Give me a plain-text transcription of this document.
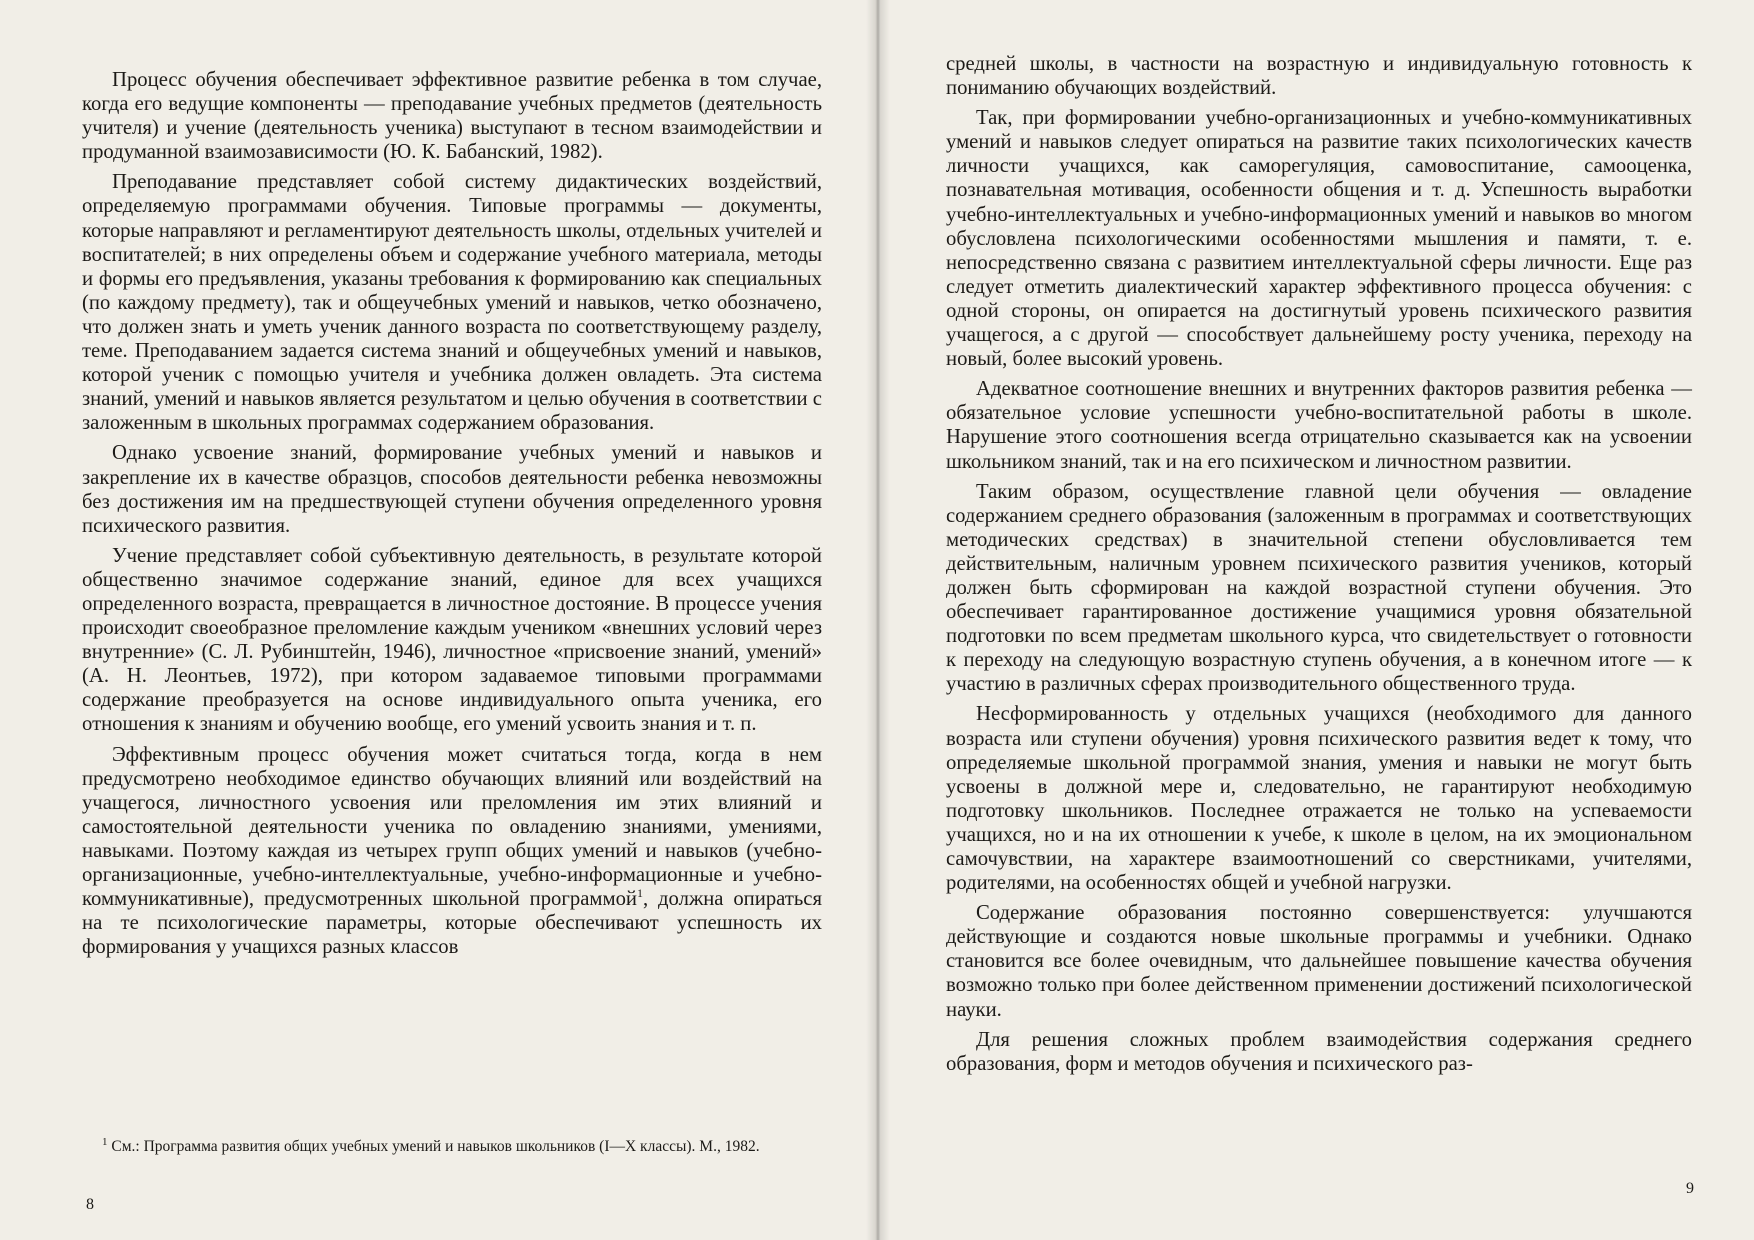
Процесс обучения обеспечивает эффективное развитие ребенка в том случае, когда его ведущие компоненты — преподавание учебных предметов (деятельность учителя) и учение (деятельность ученика) выступают в тесном взаимодействии и продуманной взаимозависимости (Ю. К. Бабанский, 1982).

Преподавание представляет собой систему дидактических воздействий, определяемую программами обучения. Типовые программы — документы, которые направляют и регламентируют деятельность школы, отдельных учителей и воспитателей; в них определены объем и содержание учебного материала, методы и формы его предъявления, указаны требования к формированию как специальных (по каждому предмету), так и общеучебных умений и навыков, четко обозначено, что должен знать и уметь ученик данного возраста по соответствующему разделу, теме. Преподаванием задается система знаний и общеучебных умений и навыков, которой ученик с помощью учителя и учебника должен овладеть. Эта система знаний, умений и навыков является результатом и целью обучения в соответствии с заложенным в школьных программах содержанием образования.

Однако усвоение знаний, формирование учебных умений и навыков и закрепление их в качестве образцов, способов деятельности ребенка невозможны без достижения им на предшествующей ступени обучения определенного уровня психического развития.

Учение представляет собой субъективную деятельность, в результате которой общественно значимое содержание знаний, единое для всех учащихся определенного возраста, превращается в личностное достояние. В процессе учения происходит своеобразное преломление каждым учеником «внешних условий через внутренние» (С. Л. Рубинштейн, 1946), личностное «присвоение знаний, умений» (А. Н. Леонтьев, 1972), при котором задаваемое типовыми программами содержание преобразуется на основе индивидуального опыта ученика, его отношения к знаниям и обучению вообще, его умений усвоить знания и т. п.

Эффективным процесс обучения может считаться тогда, когда в нем предусмотрено необходимое единство обучающих влияний или воздействий на учащегося, личностного усвоения или преломления им этих влияний и самостоятельной деятельности ученика по овладению знаниями, умениями, навыками. Поэтому каждая из четырех групп общих умений и навыков (учебно-организационные, учебно-интеллектуальные, учебно-информационные и учебно-коммуникативные), предусмотренных школьной программой$^1$, должна опираться на те психологические параметры, которые обеспечивают успешность их формирования у учащихся разных классов

$^1$ См.: Программа развития общих учебных умений и навыков школьников (I—X классы). М., 1982.
8

средней школы, в частности на возрастную и индивидуальную готовность к пониманию обучающих воздействий.

Так, при формировании учебно-организационных и учебно-коммуникативных умений и навыков следует опираться на развитие таких психологических качеств личности учащихся, как саморегуляция, самовоспитание, самооценка, познавательная мотивация, особенности общения и т. д. Успешность выработки учебно-интеллектуальных и учебно-информационных умений и навыков во многом обусловлена психологическими особенностями мышления и памяти, т. е. непосредственно связана с развитием интеллектуальной сферы личности. Еще раз следует отметить диалектический характер эффективного процесса обучения: с одной стороны, он опирается на достигнутый уровень психического развития учащегося, а с другой — способствует дальнейшему росту ученика, переходу на новый, более высокий уровень.

Адекватное соотношение внешних и внутренних факторов развития ребенка — обязательное условие успешности учебно-воспитательной работы в школе. Нарушение этого соотношения всегда отрицательно сказывается как на усвоении школьником знаний, так и на его психическом и личностном развитии.

Таким образом, осуществление главной цели обучения — овладение содержанием среднего образования (заложенным в программах и соответствующих методических средствах) в значительной степени обусловливается тем действительным, наличным уровнем психического развития учеников, который должен быть сформирован на каждой возрастной ступени обучения. Это обеспечивает гарантированное достижение учащимися уровня обязательной подготовки по всем предметам школьного курса, что свидетельствует о готовности к переходу на следующую возрастную ступень обучения, а в конечном итоге — к участию в различных сферах производительного общественного труда.

Несформированность у отдельных учащихся (необходимого для данного возраста или ступени обучения) уровня психического развития ведет к тому, что определяемые школьной программой знания, умения и навыки не могут быть усвоены в должной мере и, следовательно, не гарантируют необходимую подготовку школьников. Последнее отражается не только на успеваемости учащихся, но и на их отношении к учебе, к школе в целом, на их эмоциональном самочувствии, на характере взаимоотношений со сверстниками, учителями, родителями, на особенностях общей и учебной нагрузки.

Содержание образования постоянно совершенствуется: улучшаются действующие и создаются новые школьные программы и учебники. Однако становится все более очевидным, что дальнейшее повышение качества обучения возможно только при более действенном применении достижений психологической науки.

Для решения сложных проблем взаимодействия содержания среднего образования, форм и методов обучения и психического раз-

9
